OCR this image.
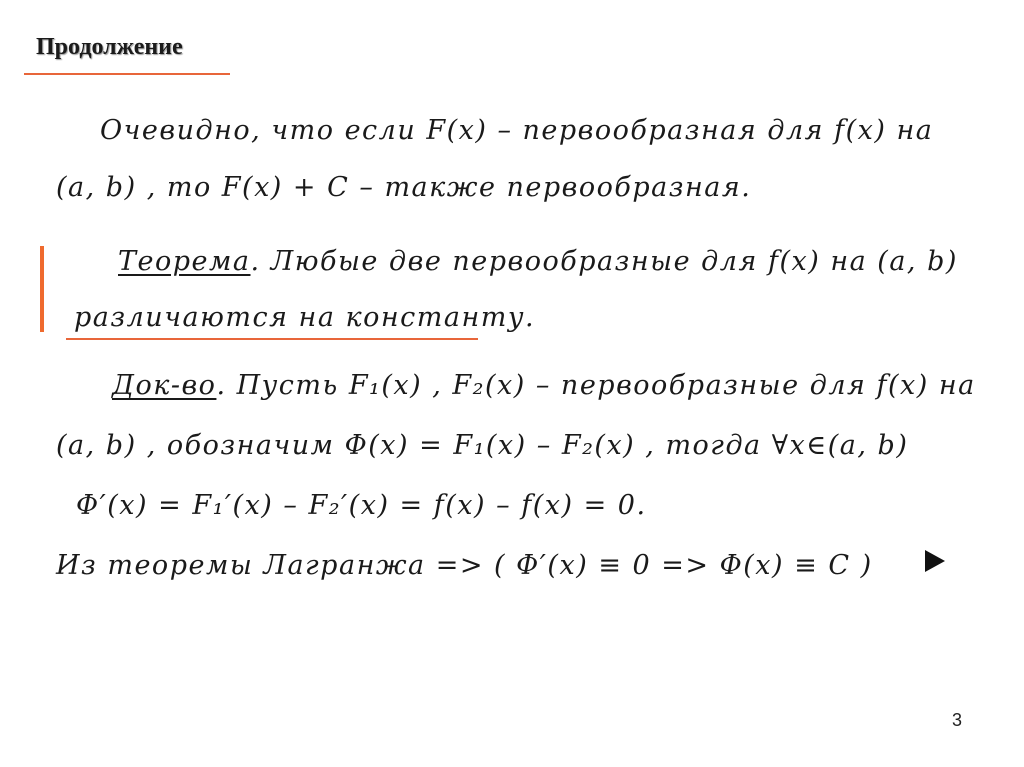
Продолжение
Очевидно, что если F(x) – первообразная для f(x) на
(a, b) , то F(x) + C – также первообразная.
Теорема. Любые две первообразные для f(x) на (a, b)
различаются на константу.
Док-во. Пусть F₁(x) , F₂(x) – первообразные для f(x) на
(a, b) , обозначим Φ(x) = F₁(x) – F₂(x) , тогда ∀x∈(a, b)
Φ′(x) = F₁′(x) – F₂′(x) = f(x) – f(x) = 0.
Из теоремы Лагранжа => ( Φ′(x) ≡ 0 => Φ(x) ≡ C )
3
